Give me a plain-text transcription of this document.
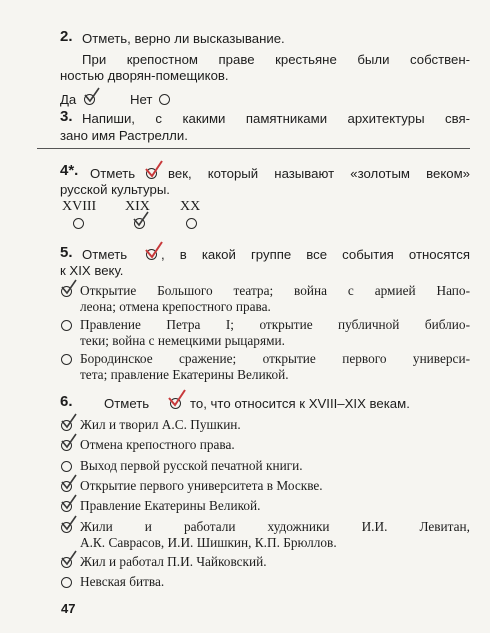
2. Отметь, верно ли высказывание.
При крепостном праве крестьяне были собствен-
ностью дворян-помещиков.
Да	Нет
3. Напиши, с какими памятниками архитектуры свя-
зано имя Растрелли.
4*. Отметь век, который называют «золотым веком»
русской культуры.
XVIII XIX XX
5. Отметь	, в какой группе все события относятся
к XIX веку.
Открытие Большого театра; война с армией Напо-
леона; отмена крепостного права.
Правление Петра I; открытие публичной библио-
теки; война с немецкими рыцарями.
Бородинское сражение; открытие первого универси-
тета; правление Екатерины Великой.
6. Отметь	то, что относится к XVIII–XIX векам.
Жил и творил А.С. Пушкин.
Отмена крепостного права.
Выход первой русской печатной книги.
Открытие первого университета в Москве.
Правление Екатерины Великой.
Жили и работали художники И.И. Левитан,
А.К. Саврасов, И.И. Шишкин, К.П. Брюллов.
Жил и работал П.И. Чайковский.
Невская битва.
47
